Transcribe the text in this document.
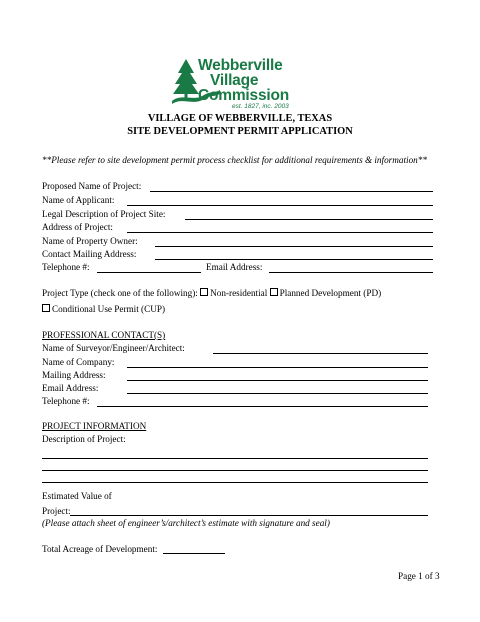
Webberville
Village
Commission
est. 1827, inc. 2003
VILLAGE OF WEBBERVILLE, TEXAS
SITE DEVELOPMENT PERMIT APPLICATION
**Please refer to site development permit process checklist for additional requirements & information**
Proposed Name of Project:
Name of Applicant:
Legal Description of Project Site:
Address of Project:
Name of Property Owner:
Contact Mailing Address:
Telephone #:	Email Address:
Project Type (check one of the following): Non-residential Planned Development (PD)
Conditional Use Permit (CUP)
PROFESSIONAL CONTACT(S)
Name of Surveyor/Engineer/Architect:
Name of Company:
Mailing Address:
Email Address:
Telephone #:
PROJECT INFORMATION
Description of Project:
Estimated Value of
Project:
(Please attach sheet of engineer’s/architect’s estimate with signature and seal)
Total Acreage of Development:
Page 1 of 3
